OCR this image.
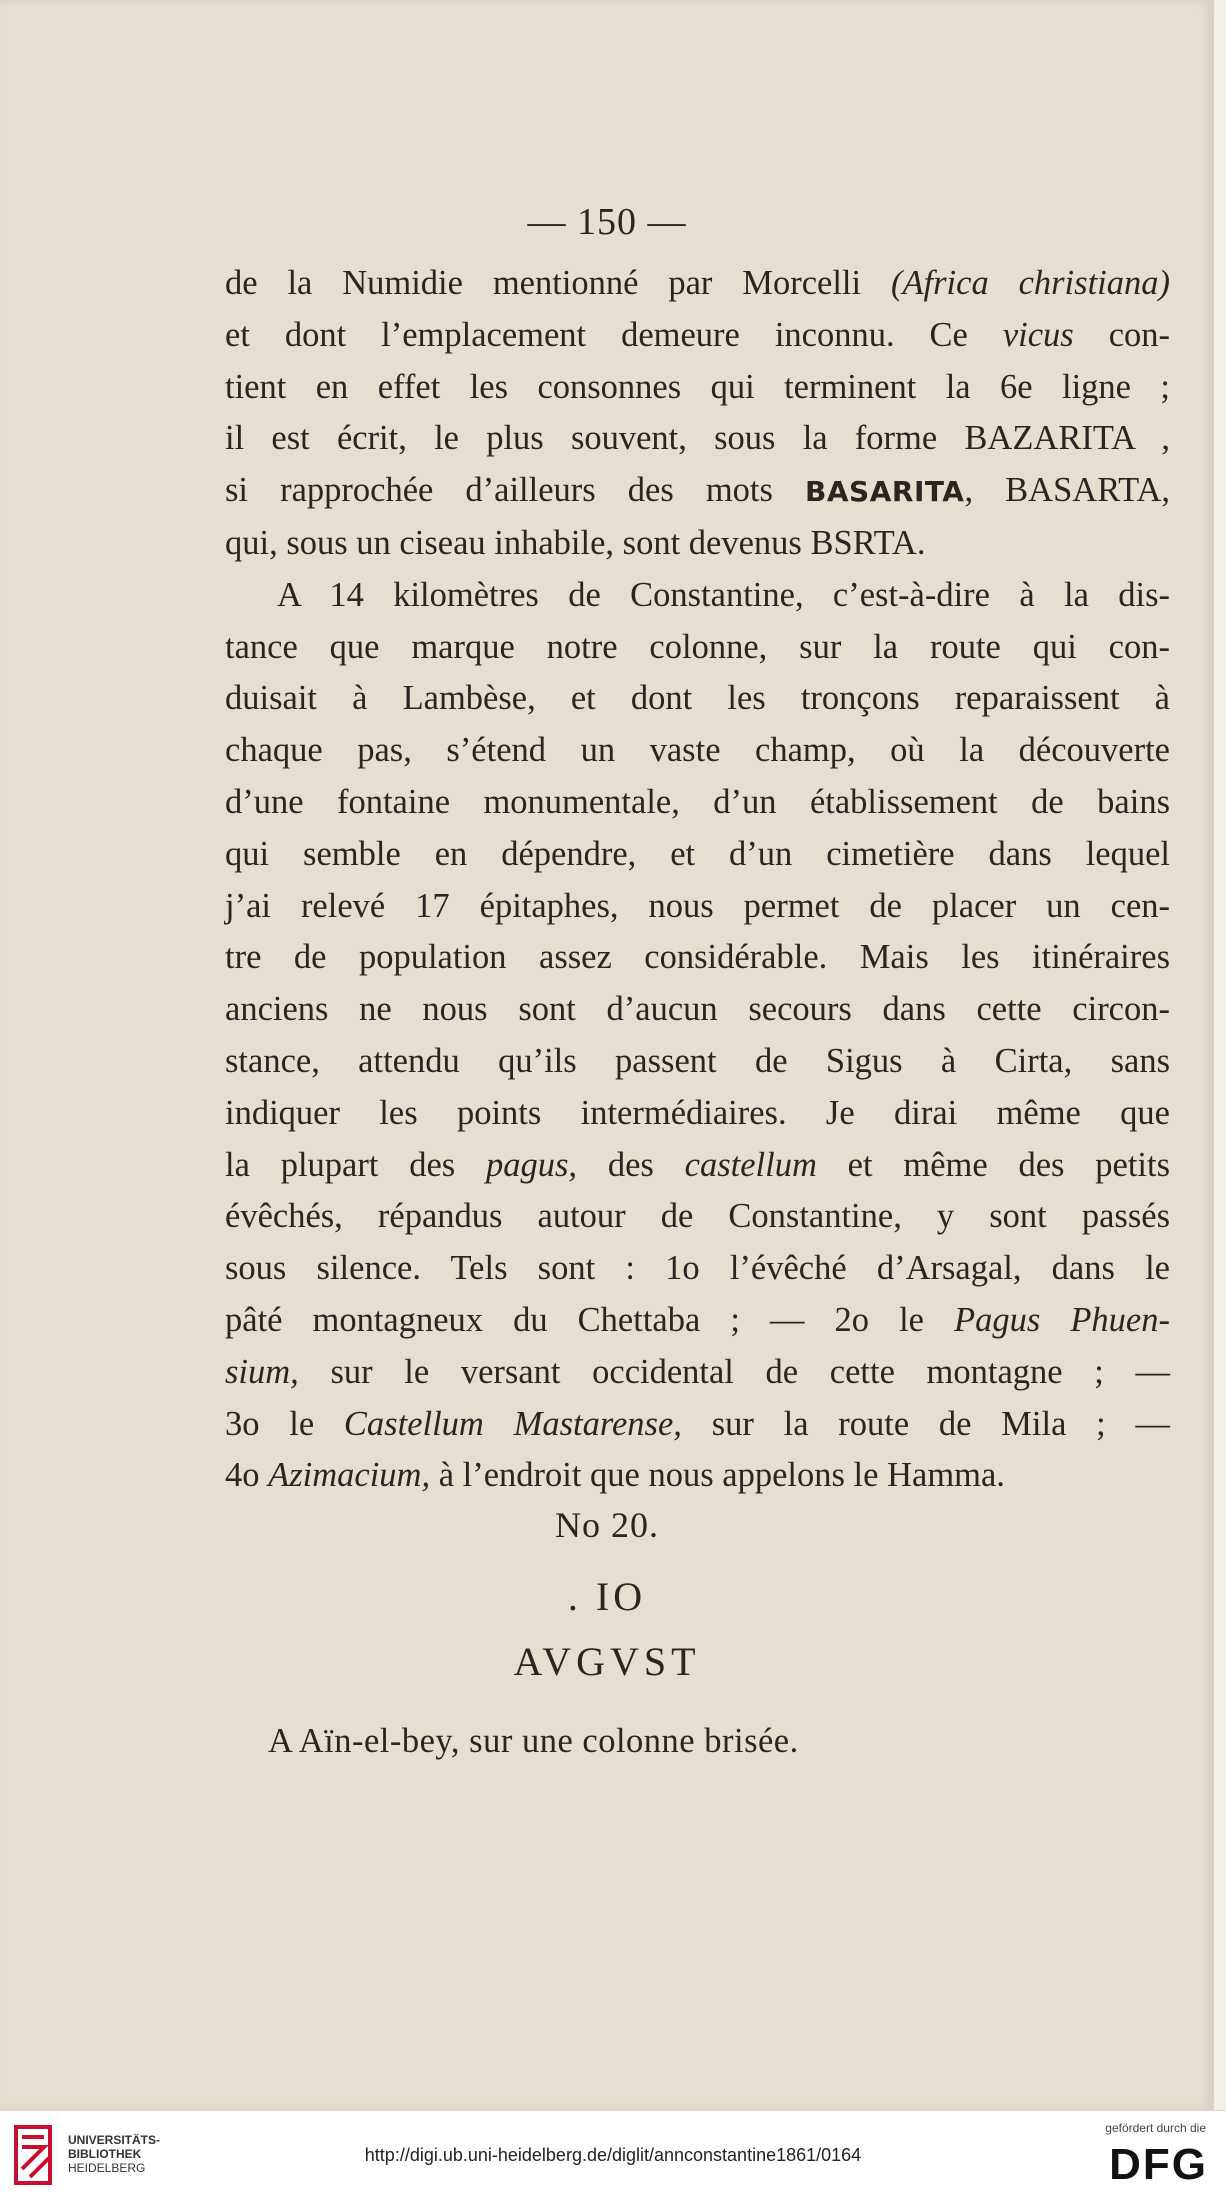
— 150 —
de la Numidie mentionné par Morcelli (Africa christiana)
et dont l’emplacement demeure inconnu. Ce vicus con-
tient en effet les consonnes qui terminent la 6e ligne ;
il est écrit, le plus souvent, sous la forme BAZARITA ,
si rapprochée d’ailleurs des mots BASARITA, BASARTA,
qui, sous un ciseau inhabile, sont devenus BSRTA.
A 14 kilomètres de Constantine, c’est-à-dire à la dis-
tance que marque notre colonne, sur la route qui con-
duisait à Lambèse, et dont les tronçons reparaissent à
chaque pas, s’étend un vaste champ, où la découverte
d’une fontaine monumentale, d’un établissement de bains
qui semble en dépendre, et d’un cimetière dans lequel
j’ai relevé 17 épitaphes, nous permet de placer un cen-
tre de population assez considérable. Mais les itinéraires
anciens ne nous sont d’aucun secours dans cette circon-
stance, attendu qu’ils passent de Sigus à Cirta, sans
indiquer les points intermédiaires. Je dirai même que
la plupart des pagus, des castellum et même des petits
évêchés, répandus autour de Constantine, y sont passés
sous silence. Tels sont : 1o l’évêché d’Arsagal, dans le
pâté montagneux du Chettaba ; — 2o le Pagus Phuen-
sium, sur le versant occidental de cette montagne ; —
3o le Castellum Mastarense, sur la route de Mila ; —
4o Azimacium, à l’endroit que nous appelons le Hamma.
No 20.
. IO
AVGVST
A Aïn-el-bey, sur une colonne brisée.
UNIVERSITÄTS-
BIBLIOTHEK
HEIDELBERG
http://digi.ub.uni-heidelberg.de/diglit/annconstantine1861/0164
gefördert durch die
DFG
